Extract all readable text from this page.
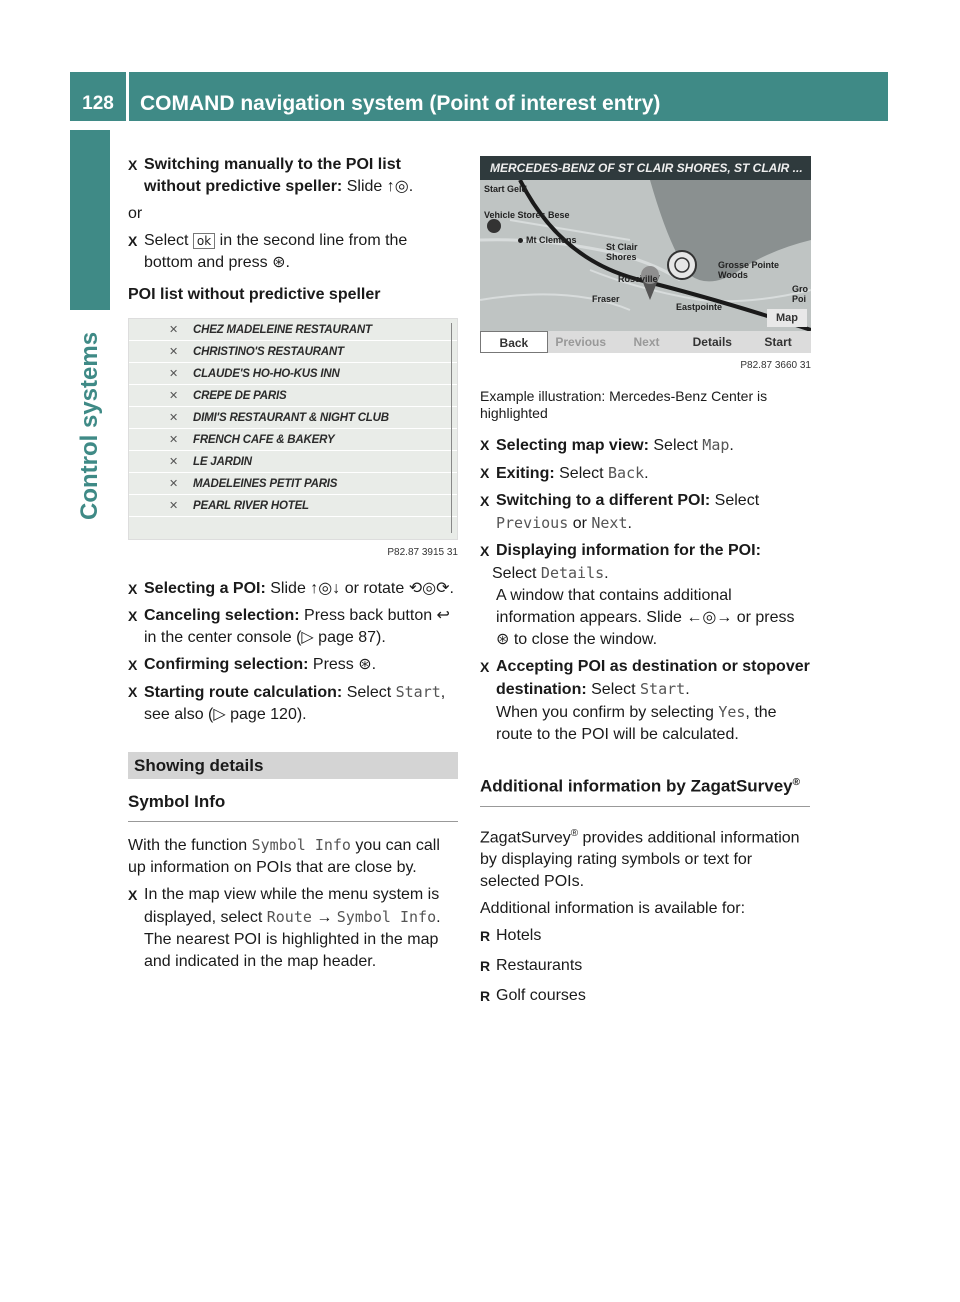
128	COMAND navigation system (Point of interest entry)
Control systems
X Switching manually to the POI list without predictive speller: Slide ↑◎.
or
X Select ok in the second line from the bottom and press ⊛.
POI list without predictive speller
✕ CHEZ MADELEINE RESTAURANT
✕ CHRISTINO'S RESTAURANT
✕ CLAUDE'S HO-HO-KUS INN
✕ CREPE DE PARIS
✕ DIMI'S RESTAURANT & NIGHT CLUB
✕ FRENCH CAFE & BAKERY
✕ LE JARDIN
✕ MADELEINES PETIT PARIS
✕ PEARL RIVER HOTEL
P82.87 3915 31
X Selecting a POI: Slide ↑◎↓ or rotate ⟲◎⟳.
X Canceling selection: Press back button ↩ in the center console (▷ page 87).
X Confirming selection: Press ⊛.
X Starting route calculation: Select Start, see also (▷ page 120).
Showing details
Symbol Info
With the function Symbol Info you can call up information on POIs that are close by.
X In the map view while the menu system is displayed, select Route → Symbol Info.
The nearest POI is highlighted in the map and indicated in the map header.
MERCEDES-BENZ OF ST CLAIR SHORES, ST CLAIR ...
Start Geld
Vehicle Stores Bese
Mt Clemens
St Clair Shores
Roseville
Grosse Pointe Woods
Fraser
Eastpointe
Gro Poi
Map
Back	Previous	Next	Details	Start
P82.87 3660 31
Example illustration: Mercedes-Benz Center is highlighted
X Selecting map view: Select Map.
X Exiting: Select Back.
X Switching to a different POI: Select Previous or Next.
X Displaying information for the POI:
Select Details.
A window that contains additional information appears. Slide ←◎→ or press ⊛ to close the window.
X Accepting POI as destination or stopover destination: Select Start.
When you confirm by selecting Yes, the route to the POI will be calculated.
Additional information by ZagatSurvey®
ZagatSurvey® provides additional information by displaying rating symbols or text for selected POIs.
Additional information is available for:
R Hotels
R Restaurants
R Golf courses
